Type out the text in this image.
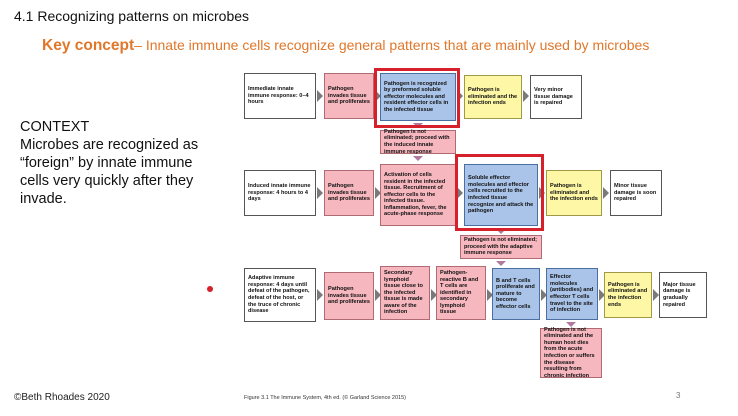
4.1 Recognizing patterns on microbes
Key concept– Innate immune cells recognize general patterns that are mainly used by microbes
CONTEXT
Microbes are recognized as “foreign” by innate immune cells very quickly after they invade.
Immediate innate immune response: 0–4 hours
Pathogen invades tissue and proliferates
Pathogen is recognized by preformed soluble effector molecules and resident effector cells in the infected tissue
Pathogen is eliminated and the infection ends
Very minor tissue damage is repaired
Pathogen is not eliminated; proceed with the induced innate immune response
Induced innate immune response: 4 hours to 4 days
Pathogen invades tissue and proliferates
Activation of cells resident in the infected tissue. Recruitment of effector cells to the infected tissue. Inflammation, fever, the acute-phase response
Soluble effector molecules and effector cells recruited to the infected tissue recognize and attack the pathogen
Pathogen is eliminated and the infection ends
Minor tissue damage is soon repaired
Pathogen is not eliminated; proceed with the adaptive immune response
Adaptive immune response: 4 days until defeat of the pathogen, defeat of the host, or the truce of chronic disease
Pathogen invades tissue and proliferates
Secondary lymphoid tissue close to the infected tissue is made aware of the infection
Pathogen-reactive B and T cells are identified in secondary lymphoid tissue
B and T cells proliferate and mature to become effector cells
Effector molecules (antibodies) and effector T cells travel to the site of infection
Pathogen is eliminated and the infection ends
Major tissue damage is gradually repaired
Pathogen is not eliminated and the human host dies from the acute infection or suffers the disease resulting from chronic infection
©Beth Rhoades 2020	Figure 3.1 The Immune System, 4th ed. (© Garland Science 2015)	3
